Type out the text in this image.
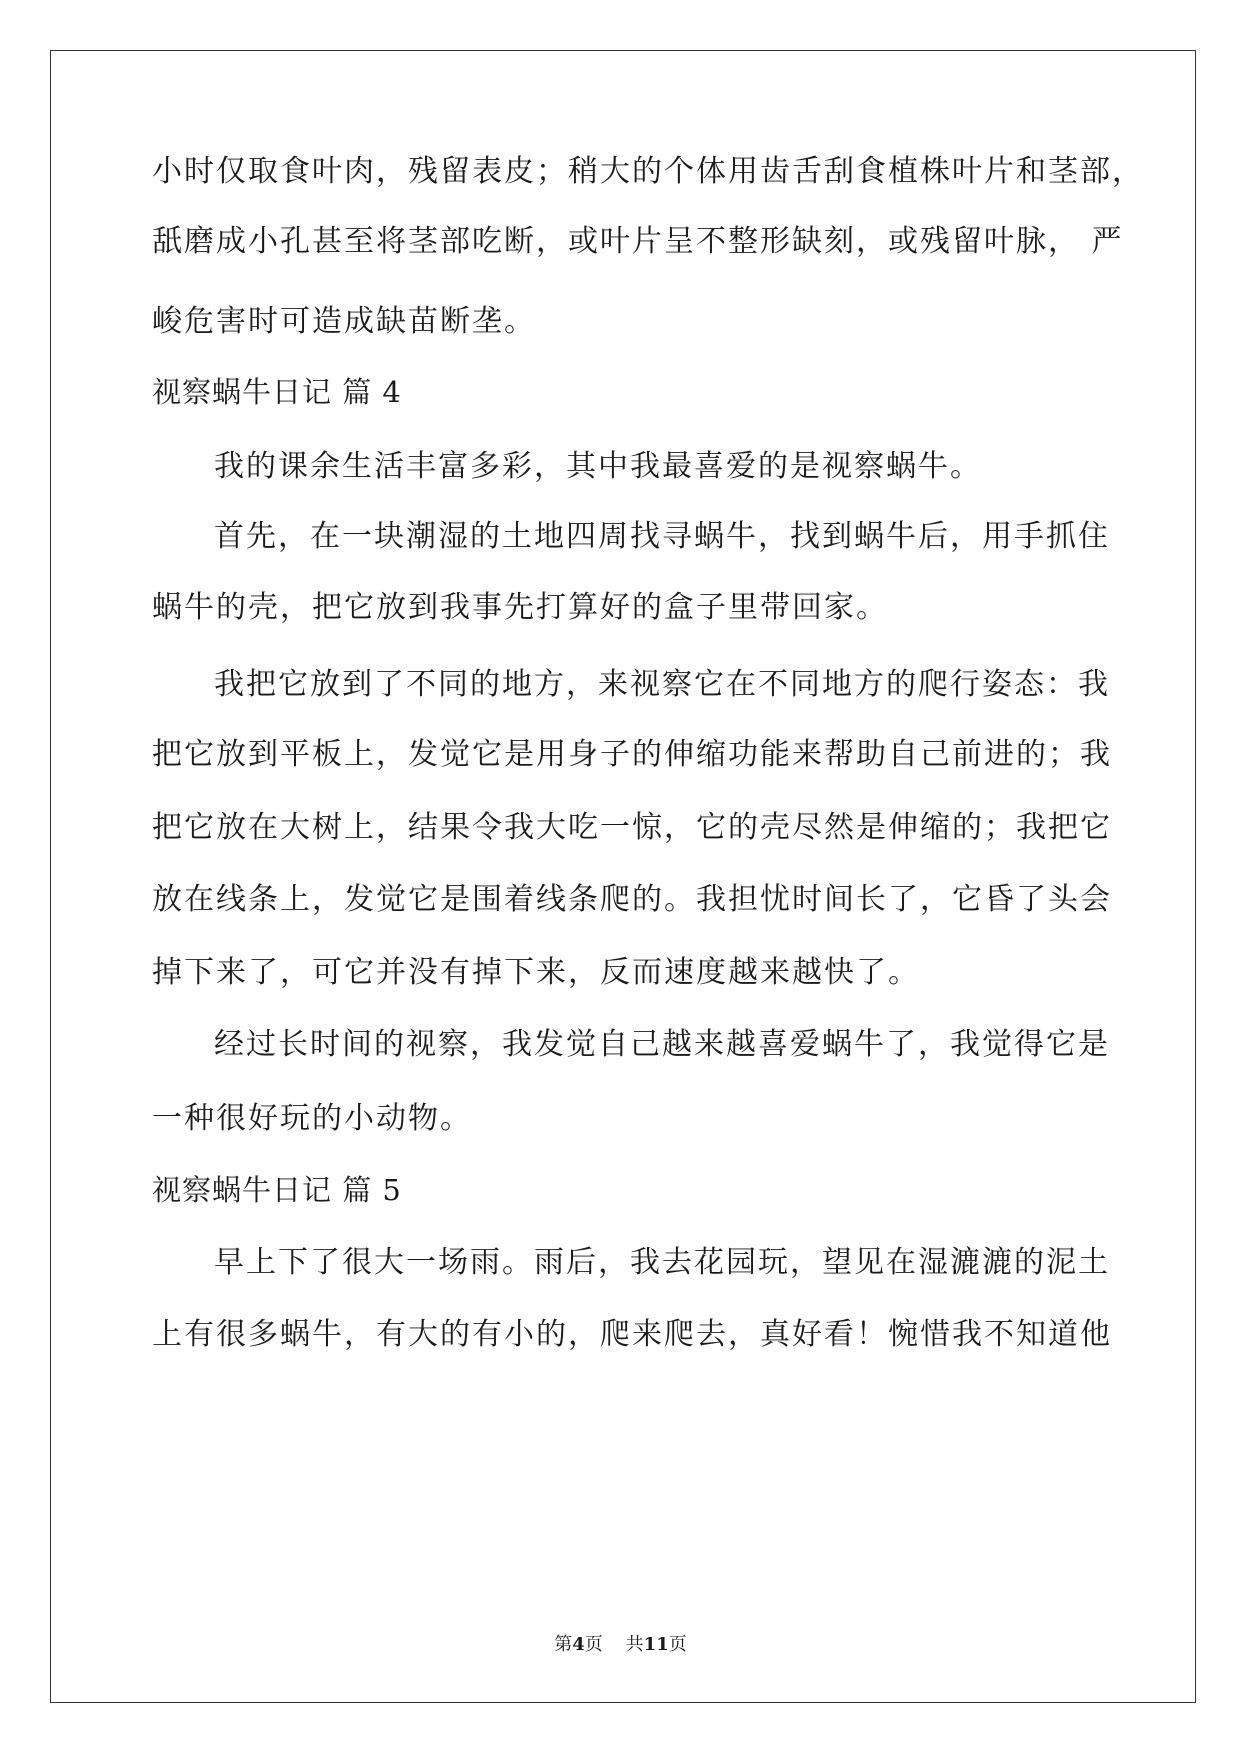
小时仅取食叶肉，残留表皮；稍大的个体用齿舌刮食植株叶片和茎部，
舐磨成小孔甚至将茎部吃断，或叶片呈不整形缺刻，或残留叶脉， 严
峻危害时可造成缺苗断垄。
视察蜗牛日记 篇 4
我的课余生活丰富多彩，其中我最喜爱的是视察蜗牛。
首先，在一块潮湿的土地四周找寻蜗牛，找到蜗牛后，用手抓住
蜗牛的壳，把它放到我事先打算好的盒子里带回家。
我把它放到了不同的地方，来视察它在不同地方的爬行姿态：我
把它放到平板上，发觉它是用身子的伸缩功能来帮助自己前进的；我
把它放在大树上，结果令我大吃一惊，它的壳尽然是伸缩的；我把它
放在线条上，发觉它是围着线条爬的。我担忧时间长了，它昏了头会
掉下来了，可它并没有掉下来，反而速度越来越快了。
经过长时间的视察，我发觉自己越来越喜爱蜗牛了，我觉得它是
一种很好玩的小动物。
视察蜗牛日记 篇 5
早上下了很大一场雨。雨后，我去花园玩，望见在湿漉漉的泥土
上有很多蜗牛，有大的有小的，爬来爬去，真好看！惋惜我不知道他
第4页    共11页
